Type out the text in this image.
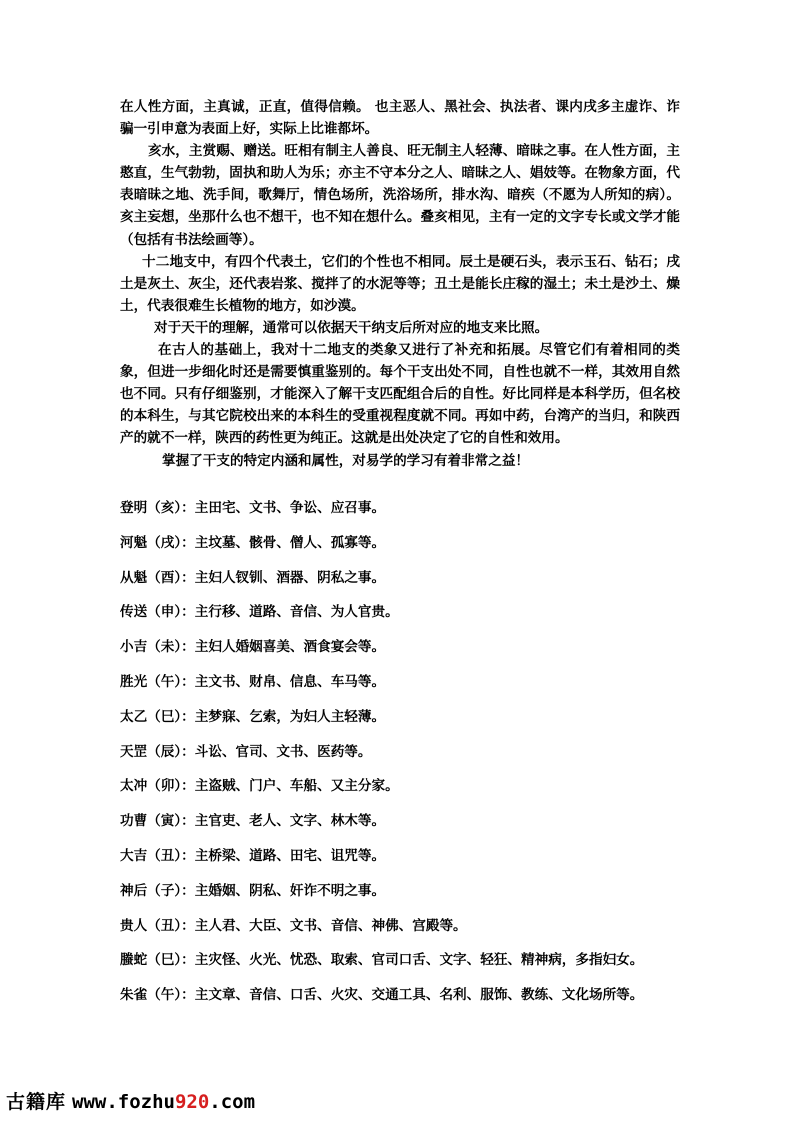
在人性方面，主真诚，正直，值得信赖。 也主恶人、黑社会、执法者、课内戌多主虚诈、诈骗一引申意为表面上好，实际上比谁都坏。

亥水，主赏赐、赠送。旺相有制主人善良、旺无制主人轻薄、暗昧之事。在人性方面，主憨直，生气勃勃，固执和助人为乐；亦主不守本分之人、暗昧之人、娼妓等。在物象方面，代表暗昧之地、洗手间，歌舞厅，情色场所，洗浴场所，排水沟、暗疾（不愿为人所知的病）。亥主妄想，坐那什么也不想干，也不知在想什么。叠亥相见，主有一定的文字专长或文学才能（包括有书法绘画等）。

十二地支中，有四个代表土，它们的个性也不相同。辰土是硬石头，表示玉石、钻石；戌土是灰土、灰尘，还代表岩浆、搅拌了的水泥等等；丑土是能长庄稼的湿土；未土是沙土、燥土，代表很难生长植物的地方，如沙漠。

对于天干的理解，通常可以依据天干纳支后所对应的地支来比照。

在古人的基础上，我对十二地支的类象又进行了补充和拓展。尽管它们有着相同的类象，但进一步细化时还是需要慎重鉴别的。每个干支出处不同，自性也就不一样，其效用自然也不同。只有仔细鉴别，才能深入了解干支匹配组合后的自性。好比同样是本科学历，但名校的本科生，与其它院校出来的本科生的受重视程度就不同。再如中药，台湾产的当归，和陕西产的就不一样，陕西的药性更为纯正。这就是出处决定了它的自性和效用。

掌握了干支的特定内涵和属性，对易学的学习有着非常之益！

登明（亥）：主田宅、文书、争讼、应召事。
河魁（戌）：主坟墓、骸骨、僧人、孤寡等。
从魁（酉）：主妇人钗钏、酒器、阴私之事。
传送（申）：主行移、道路、音信、为人官贵。
小吉（未）：主妇人婚姻喜美、酒食宴会等。
胜光（午）：主文书、财帛、信息、车马等。
太乙（巳）：主梦寐、乞索，为妇人主轻薄。
天罡（辰）：斗讼、官司、文书、医药等。
太冲（卯）：主盗贼、门户、车船、又主分家。
功曹（寅）：主官吏、老人、文字、林木等。
大吉（丑）：主桥梁、道路、田宅、诅咒等。
神后（子）：主婚姻、阴私、奸诈不明之事。
贵人（丑）：主人君、大臣、文书、音信、神佛、宫殿等。
螣蛇（巳）：主灾怪、火光、忧恐、取索、官司口舌、文字、轻狂、精神病，多指妇女。
朱雀（午）：主文章、音信、口舌、火灾、交通工具、名利、服饰、教练、文化场所等。
古籍库 www.fozhu920.com
